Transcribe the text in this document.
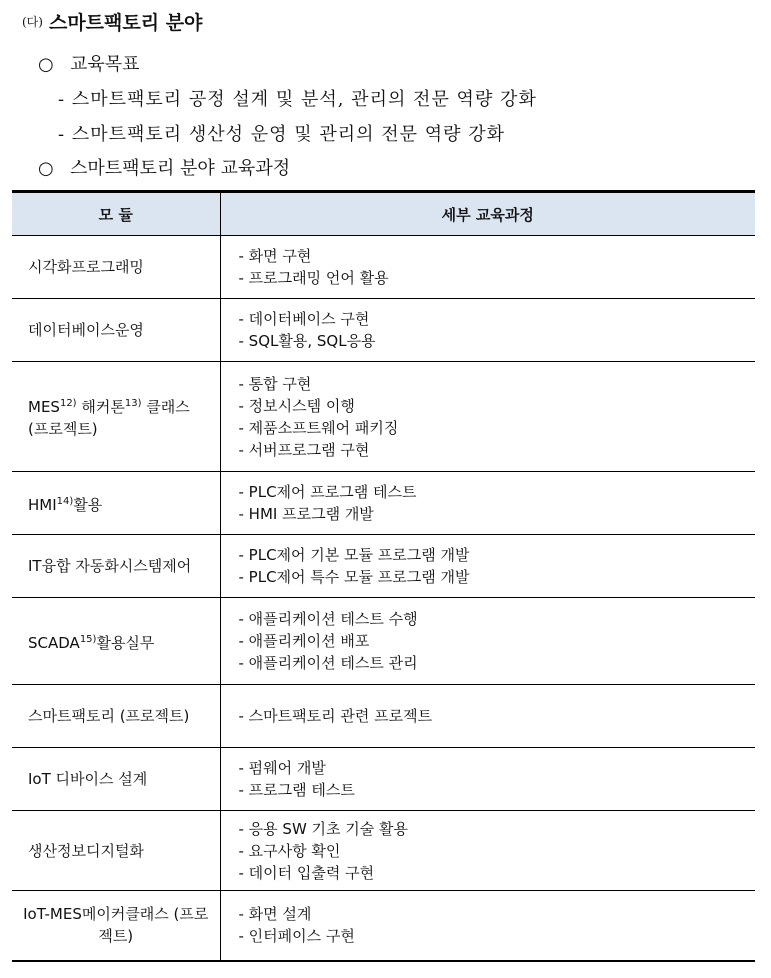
(다) 스마트팩토리 분야
○ 교육목표
- 스마트팩토리 공정 설계 및 분석, 관리의 전문 역량 강화
- 스마트팩토리 생산성 운영 및 관리의 전문 역량 강화
○ 스마트팩토리 분야 교육과정
모 듈	세부 교육과정
시각화프로그래밍	- 화면 구현
- 프로그래밍 언어 활용

데이터베이스운영	- 데이터베이스 구현
- SQL활용, SQL응용

MES$^{12)}$ 해커톤$^{13)}$ 클래스 (프로젝트)	- 통합 구현
- 정보시스템 이행
- 제품소프트웨어 패키징
- 서버프로그램 구현

HMI$^{14)}$활용	- PLC제어 프로그램 테스트
- HMI 프로그램 개발

IT융합 자동화시스템제어	- PLC제어 기본 모듈 프로그램 개발
- PLC제어 특수 모듈 프로그램 개발

SCADA$^{15)}$활용실무	- 애플리케이션 테스트 수행
- 애플리케이션 배포
- 애플리케이션 테스트 관리

스마트팩토리 (프로젝트)	- 스마트팩토리 관련 프로젝트

IoT 디바이스 설계	- 펌웨어 개발
- 프로그램 테스트

생산정보디지털화	- 응용 SW 기초 기술 활용
- 요구사항 확인
- 데이터 입출력 구현

IoT-MES메이커클래스 (프로젝트)	- 화면 설계
- 인터페이스 구현
